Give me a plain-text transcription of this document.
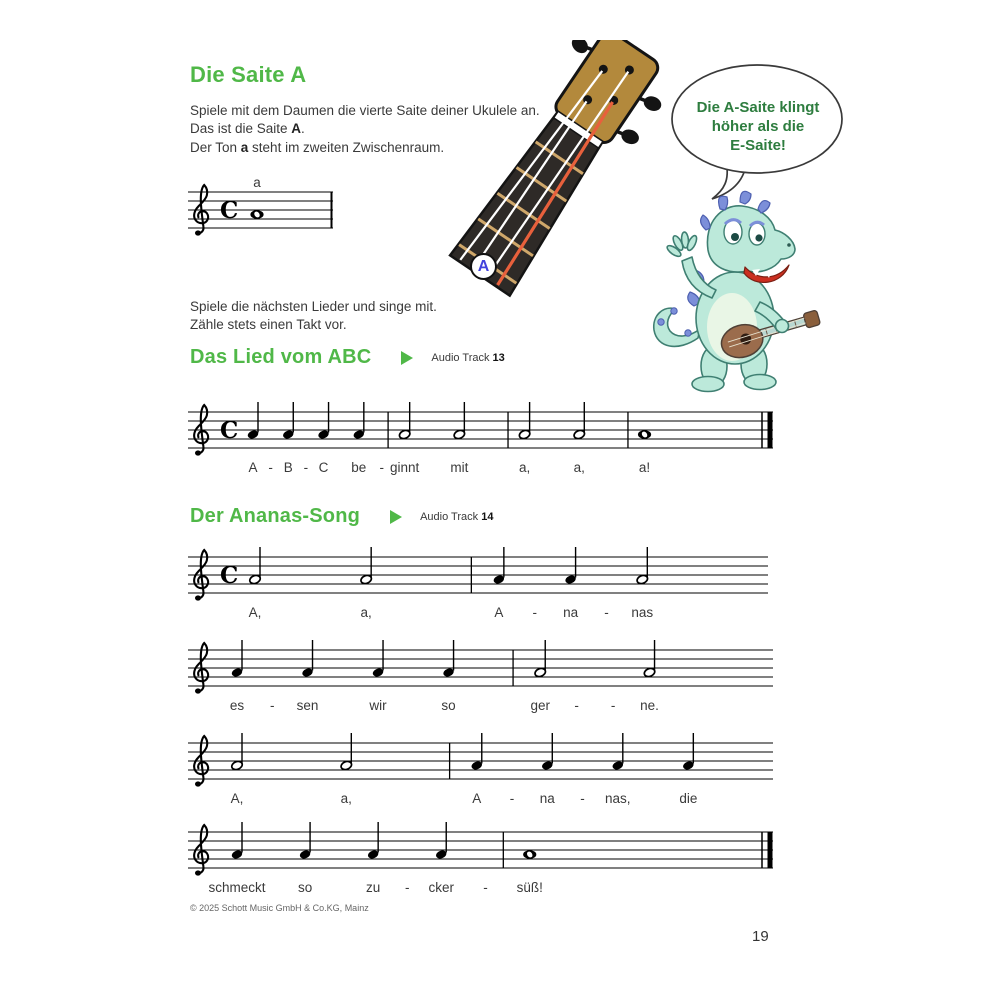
Die Saite A

Spiele mit dem Daumen die vierte Saite deiner Ukulele an.
Das ist die Saite A.
Der Ton a steht im zweiten Zwischenraum.

C
a
A
Die A-Saite klingt
höher als die
E-Saite!

Spiele die nächsten Lieder und singe mit.
Zähle stets einen Takt vor.

Das Lied vom ABC	Audio Track 13
C
A B C be ginnt mit	a,	a,	a!
- -	-
Der Ananas-Song	Audio Track 14
C
A,	a,	A	na	nas
-	-
es	sen	wir	so	ger	ne.
-	- -
A,	a,	A	na	nas,	die
-	-
schmeckt so	zu	cker	süß!
-	-
© 2025 Schott Music GmbH & Co.KG, Mainz
19
